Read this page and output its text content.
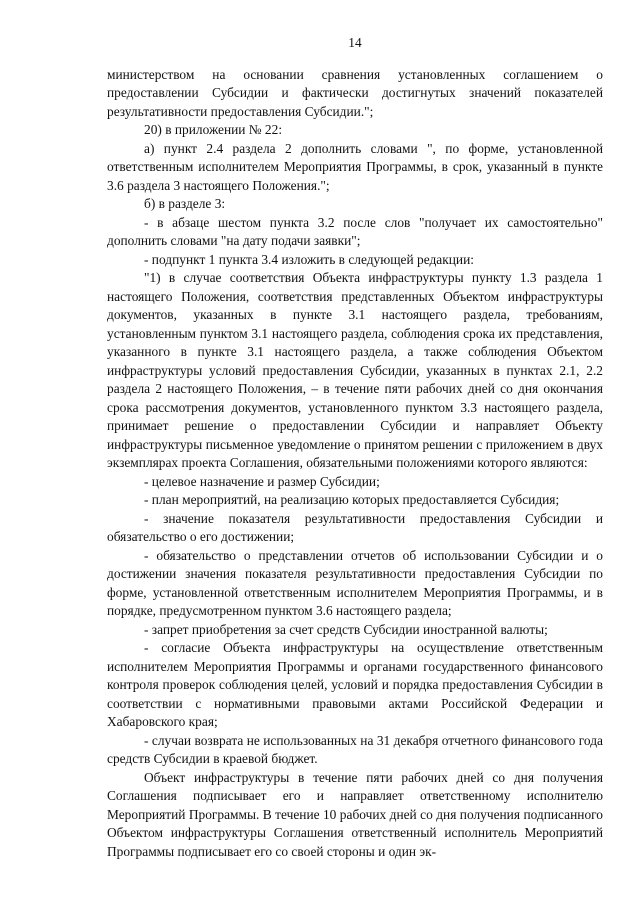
14

министерством на основании сравнения установленных соглашением о предоставлении Субсидии и фактически достигнутых значений показателей результативности предоставления Субсидии.";

20) в приложении № 22:

а) пункт 2.4 раздела 2 дополнить словами ", по форме, установленной ответственным исполнителем Мероприятия Программы, в срок, указанный в пункте 3.6 раздела 3 настоящего Положения.";

б) в разделе 3:

- в абзаце шестом пункта 3.2 после слов "получает их самостоятельно" дополнить словами "на дату подачи заявки";

- подпункт 1 пункта 3.4 изложить в следующей редакции:

"1) в случае соответствия Объекта инфраструктуры пункту 1.3 раздела 1 настоящего Положения, соответствия представленных Объектом инфраструктуры документов, указанных в пункте 3.1 настоящего раздела, требованиям, установленным пунктом 3.1 настоящего раздела, соблюдения срока их представления, указанного в пункте 3.1 настоящего раздела, а также соблюдения Объектом инфраструктуры условий предоставления Субсидии, указанных в пунктах 2.1, 2.2 раздела 2 настоящего Положения, – в течение пяти рабочих дней со дня окончания срока рассмотрения документов, установленного пунктом 3.3 настоящего раздела, принимает решение о предоставлении Субсидии и направляет Объекту инфраструктуры письменное уведомление о принятом решении с приложением в двух экземплярах проекта Соглашения, обязательными положениями которого являются:

- целевое назначение и размер Субсидии;

- план мероприятий, на реализацию которых предоставляется Субсидия;

- значение показателя результативности предоставления Субсидии и обязательство о его достижении;

- обязательство о представлении отчетов об использовании Субсидии и о достижении значения показателя результативности предоставления Субсидии по форме, установленной ответственным исполнителем Мероприятия Программы, и в порядке, предусмотренном пунктом 3.6 настоящего раздела;

- запрет приобретения за счет средств Субсидии иностранной валюты;

- согласие Объекта инфраструктуры на осуществление ответственным исполнителем Мероприятия Программы и органами государственного финансового контроля проверок соблюдения целей, условий и порядка предоставления Субсидии в соответствии с нормативными правовыми актами Российской Федерации и Хабаровского края;

- случаи возврата не использованных на 31 декабря отчетного финансового года средств Субсидии в краевой бюджет.

Объект инфраструктуры в течение пяти рабочих дней со дня получения Соглашения подписывает его и направляет ответственному исполнителю Мероприятий Программы. В течение 10 рабочих дней со дня получения подписанного Объектом инфраструктуры Соглашения ответственный исполнитель Мероприятий Программы подписывает его со своей стороны и один эк-
